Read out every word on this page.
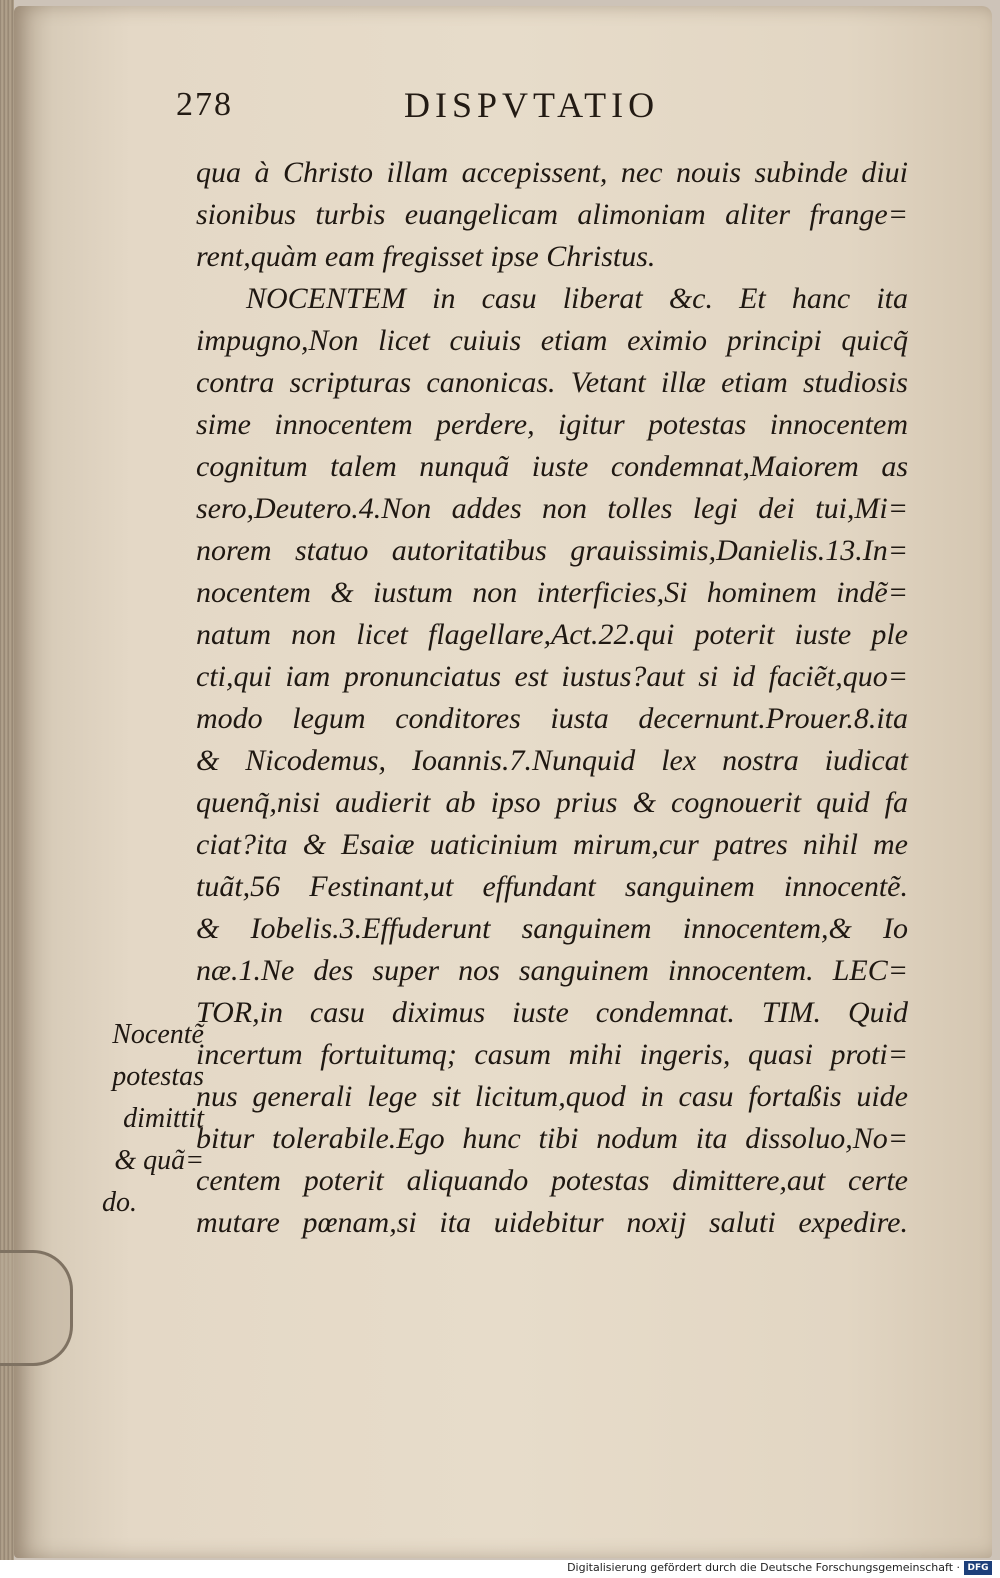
278	DISPVTATIO
qua à Christo illam accepissent, nec nouis subinde diui
sionibus turbis euangelicam alimoniam aliter frange=
rent,quàm eam fregisset ipse Christus.
NOCENTEM in casu liberat &c. Et hanc ita
impugno,Non licet cuiuis etiam eximio principi quicq̃
contra scripturas canonicas. Vetant illæ etiam studiosis
sime innocentem perdere, igitur potestas innocentem
cognitum talem nunquã iuste condemnat,Maiorem as
sero,Deutero.4.Non addes non tolles legi dei tui,Mi=
norem statuo autoritatibus grauissimis,Danielis.13.In=
nocentem & iustum non interficies,Si hominem indẽ=
natum non licet flagellare,Act.22.qui poterit iuste ple
cti,qui iam pronunciatus est iustus?aut si id faciẽt,quo=
modo legum conditores iusta decernunt.Prouer.8.ita
& Nicodemus, Ioannis.7.Nunquid lex nostra iudicat
quenq̃,nisi audierit ab ipso prius & cognouerit quid fa
ciat?ita & Esaiæ uaticinium mirum,cur patres nihil me
tuãt,56 Festinant,ut effundant sanguinem innocentẽ.
& Iobelis.3.Effuderunt sanguinem innocentem,& Io
næ.1.Ne des super nos sanguinem innocentem. LEC=
TOR,in casu diximus iuste condemnat. TIM. Quid
incertum fortuitumq; casum mihi ingeris, quasi proti=
nus generali lege sit licitum,quod in casu fortaßis uide
bitur tolerabile.Ego hunc tibi nodum ita dissoluo,No=
centem poterit aliquando potestas dimittere,aut certe
mutare pœnam,si ita uidebitur noxij saluti expedire.
Nocentẽ
potestas
dimittit
& quã=
do.
Digitalisierung gefördert durch die Deutsche Forschungsgemeinschaft · DFG
